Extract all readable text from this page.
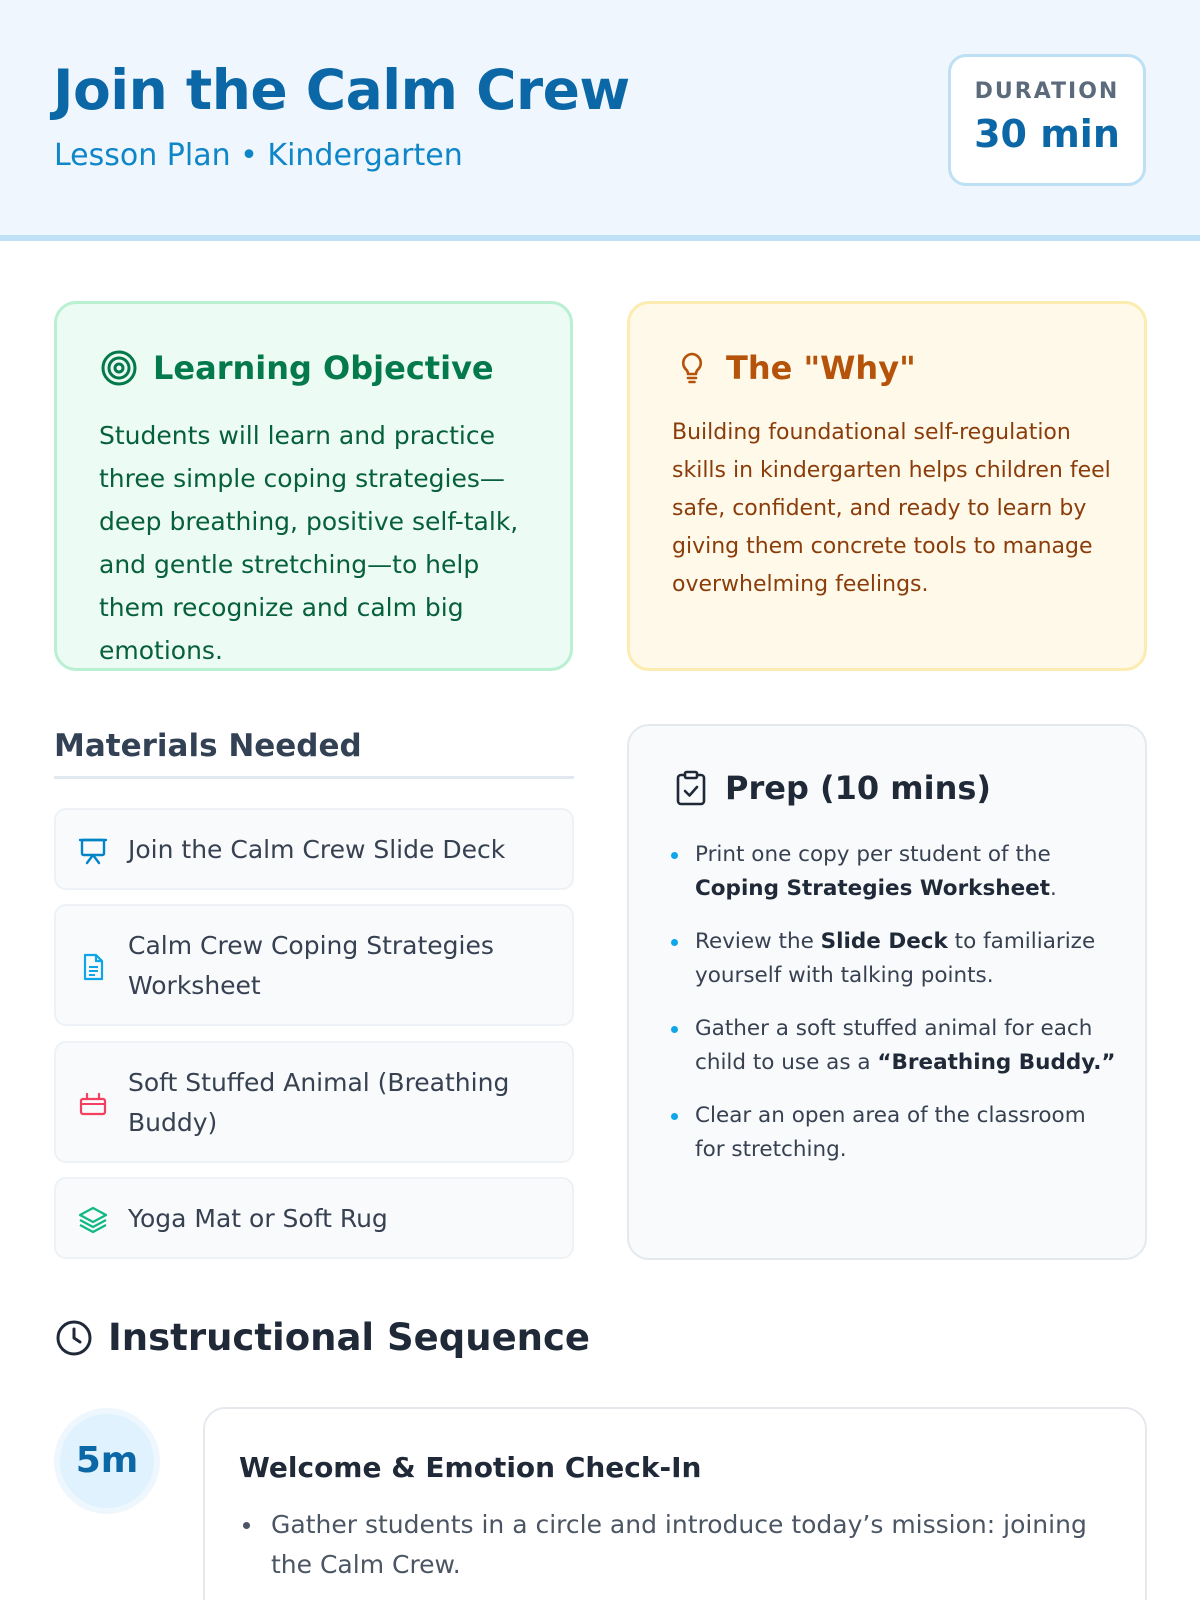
Join the Calm Crew
Lesson Plan • Kindergarten
DURATION
30 min
Learning Objective
Students will learn and practice three simple coping strategies—deep breathing, positive self-talk, and gentle stretching—to help them recognize and calm big emotions.
The "Why"
Building foundational self-regulation skills in kindergarten helps children feel safe, confident, and ready to learn by giving them concrete tools to manage overwhelming feelings.
Materials Needed
Join the Calm Crew Slide Deck
Calm Crew Coping Strategies Worksheet
Soft Stuffed Animal (Breathing Buddy)
Yoga Mat or Soft Rug
Prep (10 mins)
Print one copy per student of the Coping Strategies Worksheet.
Review the Slide Deck to familiarize yourself with talking points.
Gather a soft stuffed animal for each child to use as a “Breathing Buddy.”
Clear an open area of the classroom for stretching.
Instructional Sequence
5m	Welcome & Emotion Check-In
Gather students in a circle and introduce today’s mission: joining the Calm Crew.
